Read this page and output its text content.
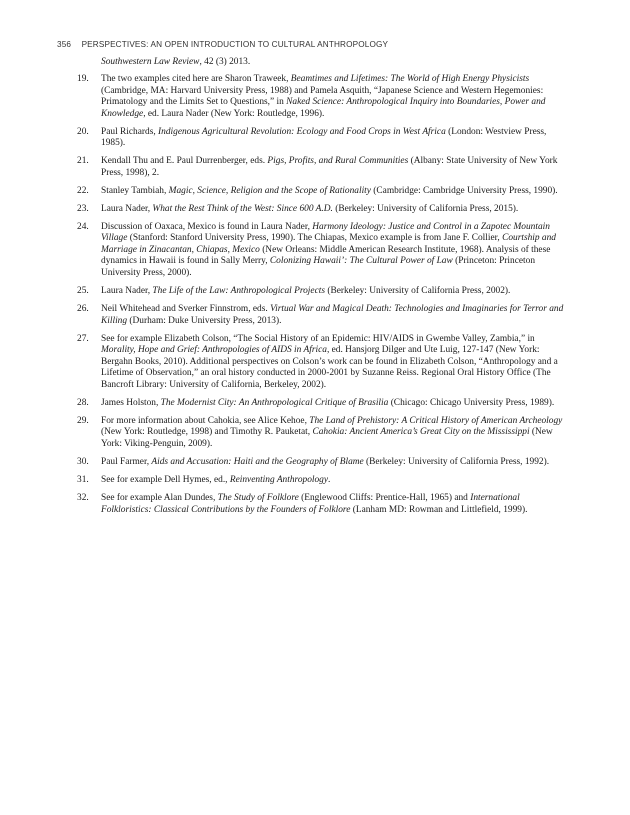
356 PERSPECTIVES: AN OPEN INTRODUCTION TO CULTURAL ANTHROPOLOGY
Southwestern Law Review, 42 (3) 2013.
19. The two examples cited here are Sharon Traweek, Beamtimes and Lifetimes: The World of High Energy Physicists (Cambridge, MA: Harvard University Press, 1988) and Pamela Asquith, “Japanese Science and Western Hegemonies: Primatology and the Limits Set to Questions,” in Naked Science: Anthropological Inquiry into Boundaries, Power and Knowledge, ed. Laura Nader (New York: Routledge, 1996).
20. Paul Richards, Indigenous Agricultural Revolution: Ecology and Food Crops in West Africa (London: Westview Press, 1985).
21. Kendall Thu and E. Paul Durrenberger, eds. Pigs, Profits, and Rural Communities (Albany: State University of New York Press, 1998), 2.
22. Stanley Tambiah, Magic, Science, Religion and the Scope of Rationality (Cambridge: Cambridge University Press, 1990).
23. Laura Nader, What the Rest Think of the West: Since 600 A.D. (Berkeley: University of California Press, 2015).
24. Discussion of Oaxaca, Mexico is found in Laura Nader, Harmony Ideology: Justice and Control in a Zapotec Mountain Village (Stanford: Stanford University Press, 1990). The Chiapas, Mexico example is from Jane F. Collier, Courtship and Marriage in Zinacantan, Chiapas, Mexico (New Orleans: Middle American Research Institute, 1968). Analysis of these dynamics in Hawaii is found in Sally Merry, Colonizing Hawaii’: The Cultural Power of Law (Princeton: Princeton University Press, 2000).
25. Laura Nader, The Life of the Law: Anthropological Projects (Berkeley: University of California Press, 2002).
26. Neil Whitehead and Sverker Finnstrom, eds. Virtual War and Magical Death: Technologies and Imaginaries for Terror and Killing (Durham: Duke University Press, 2013).
27. See for example Elizabeth Colson, “The Social History of an Epidemic: HIV/AIDS in Gwembe Valley, Zambia,” in Morality, Hope and Grief: Anthropologies of AIDS in Africa, ed. Hansjorg Dilger and Ute Luig, 127-147 (New York: Bergahn Books, 2010). Additional perspectives on Colson’s work can be found in Elizabeth Colson, “Anthropology and a Lifetime of Observation,” an oral history conducted in 2000-2001 by Suzanne Reiss. Regional Oral History Office (The Bancroft Library: University of California, Berkeley, 2002).
28. James Holston, The Modernist City: An Anthropological Critique of Brasilia (Chicago: Chicago University Press, 1989).
29. For more information about Cahokia, see Alice Kehoe, The Land of Prehistory: A Critical History of American Archeology (New York: Routledge, 1998) and Timothy R. Pauketat, Cahokia: Ancient America’s Great City on the Mississippi (New York: Viking-Penguin, 2009).
30. Paul Farmer, Aids and Accusation: Haiti and the Geography of Blame (Berkeley: University of California Press, 1992).
31. See for example Dell Hymes, ed., Reinventing Anthropology.
32. See for example Alan Dundes, The Study of Folklore (Englewood Cliffs: Prentice-Hall, 1965) and International Folkloristics: Classical Contributions by the Founders of Folklore (Lanham MD: Rowman and Littlefield, 1999).
